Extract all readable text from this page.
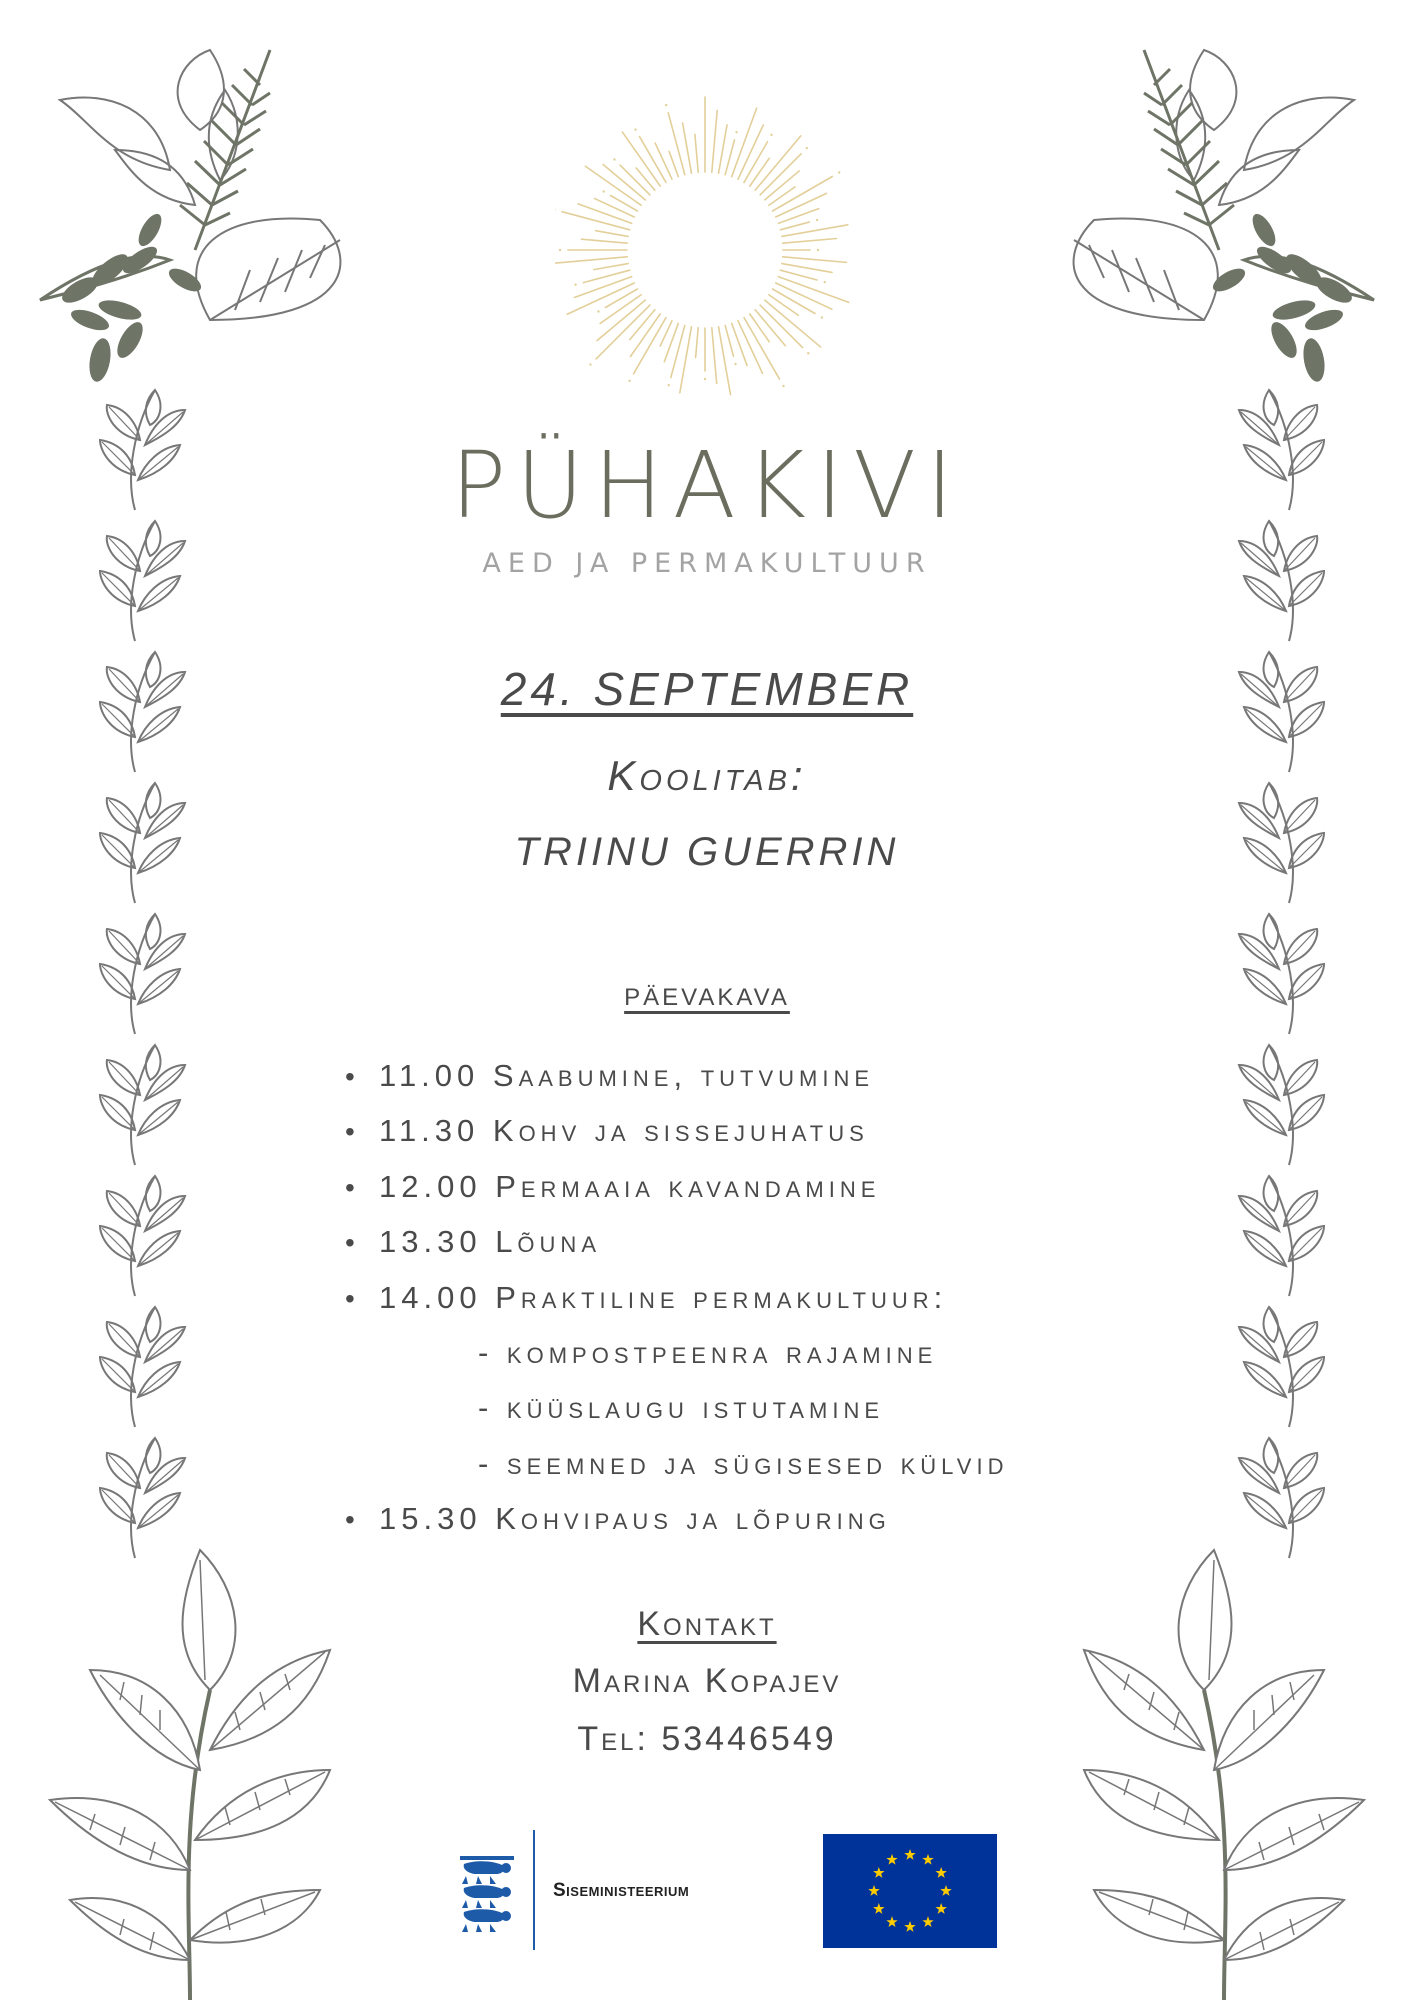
PÜHAKIVI
AED JA PERMAKULTUUR
24. SEPTEMBER
Koolitab:
TRIINU GUERRIN
päevakava
• 11.00 Saabumine, tutvumine
• 11.30 Kohv ja sissejuhatus
• 12.00 Permaaia kavandamine
• 13.30 Lõuna
• 14.00 Praktiline permakultuur:
- kompostpeenra rajamine
- küüslaugu istutamine
- seemned ja sügisesed külvid
• 15.30 Kohvipaus ja lõpuring
Kontakt
Marina Kopajev
Tel: 53446549
Siseministeerium
